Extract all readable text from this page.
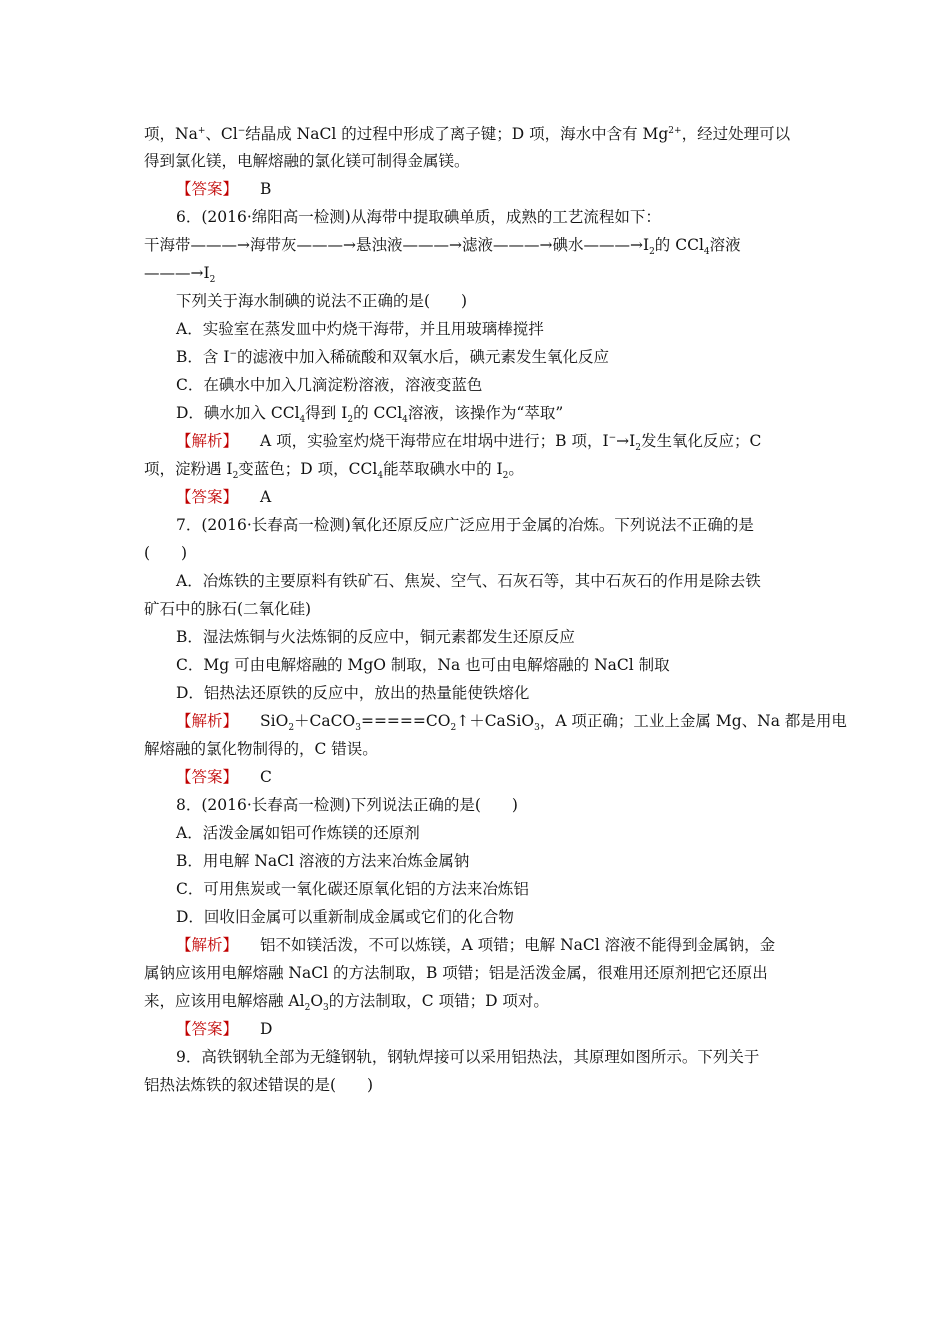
项，Na+、Cl−结晶成 NaCl 的过程中形成了离子键；D 项，海水中含有 $Mg^{2+}$，经过处理可以
得到氯化镁，电解熔融的氯化镁可制得金属镁。
【答案】 B
6．(2016·绵阳高一检测)从海带中提取碘单质，成熟的工艺流程如下：
干海带———→海带灰———→悬浊液———→滤液———→碘水$———\to I_2$的 CCl$_4$溶液
$———\to I_2$
下列关于海水制碘的说法不正确的是(　　)
A．实验室在蒸发皿中灼烧干海带，并且用玻璃棒搅拌
B．含 I−的滤液中加入稀硫酸和双氧水后，碘元素发生氧化反应
C．在碘水中加入几滴淀粉溶液，溶液变蓝色
D．碘水加入 CCl$_4$得到 $I_2$的 CCl$_4$溶液，该操作为“萃取”
【解析】 A 项，实验室灼烧干海带应在坩埚中进行；B 项，$I^-\to I_2$发生氧化反应；C
项，淀粉遇 $I_2$变蓝色；D 项，CCl$_4$能萃取碘水中的 $I_2$。
【答案】 A
7．(2016·长春高一检测)氧化还原反应广泛应用于金属的冶炼。下列说法不正确的是
(　　)
A．冶炼铁的主要原料有铁矿石、焦炭、空气、石灰石等，其中石灰石的作用是除去铁
矿石中的脉石(二氧化硅)
B．湿法炼铜与火法炼铜的反应中，铜元素都发生还原反应
C．Mg 可由电解熔融的 MgO 制取，Na 也可由电解熔融的 NaCl 制取
D．铝热法还原铁的反应中，放出的热量能使铁熔化
【解析】 $SiO_2+CaCO_3=====CO_2↑+CaSiO_3$，A 项正确；工业上金属 Mg、Na 都是用电
解熔融的氯化物制得的，C 错误。
【答案】 C
8．(2016·长春高一检测)下列说法正确的是(　　)
A．活泼金属如铝可作炼镁的还原剂
B．用电解 NaCl 溶液的方法来冶炼金属钠
C．可用焦炭或一氧化碳还原氧化铝的方法来冶炼铝
D．回收旧金属可以重新制成金属或它们的化合物
【解析】 铝不如镁活泼，不可以炼镁，A 项错；电解 NaCl 溶液不能得到金属钠，金
属钠应该用电解熔融 NaCl 的方法制取，B 项错；铝是活泼金属，很难用还原剂把它还原出
来，应该用电解熔融 $Al_2O_3$的方法制取，C 项错；D 项对。
【答案】 D
9．高铁钢轨全部为无缝钢轨，钢轨焊接可以采用铝热法，其原理如图所示。下列关于
铝热法炼铁的叙述错误的是(　　)
